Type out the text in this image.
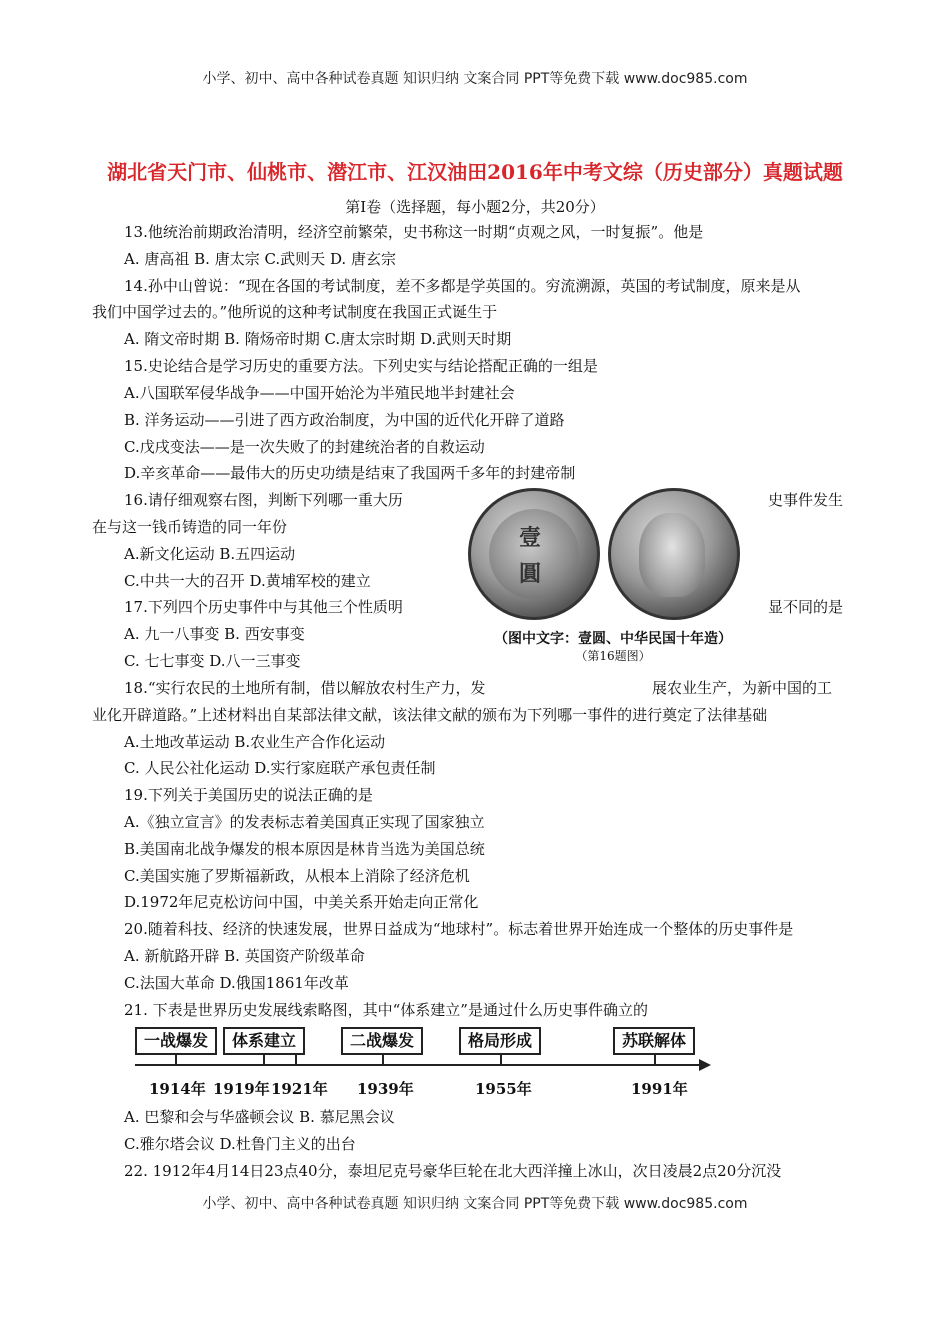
小学、初中、高中各种试卷真题 知识归纳 文案合同 PPT等免费下载 www.doc985.com
湖北省天门市、仙桃市、潜江市、江汉油田2016年中考文综（历史部分）真题试题
第Ⅰ卷（选择题，每小题2分，共20分）
13.他统治前期政治清明，经济空前繁荣，史书称这一时期“贞观之风，一时复振”。他是
A. 唐高祖 B. 唐太宗 C.武则天 D. 唐玄宗
14.孙中山曾说：“现在各国的考试制度，差不多都是学英国的。穷流溯源，英国的考试制度，原来是从
我们中国学过去的。”他所说的这种考试制度在我国正式诞生于
A. 隋文帝时期 B. 隋炀帝时期 C.唐太宗时期 D.武则天时期
15.史论结合是学习历史的重要方法。下列史实与结论搭配正确的一组是
A.八国联军侵华战争——中国开始沦为半殖民地半封建社会
B. 洋务运动——引进了西方政治制度，为中国的近代化开辟了道路
C.戊戌变法——是一次失败了的封建统治者的自救运动
D.辛亥革命——最伟大的历史功绩是结束了我国两千多年的封建帝制
16.请仔细观察右图，判断下列哪一重大历	史事件发生
在与这一钱币铸造的同一年份
A.新文化运动 B.五四运动
C.中共一大的召开 D.黄埔军校的建立
17.下列四个历史事件中与其他三个性质明	显不同的是
A. 九一八事变 B. 西安事变
C. 七七事变 D.八一三事变
18.“实行农民的土地所有制，借以解放农村生产力，发	展农业生产，为新中国的工
业化开辟道路。”上述材料出自某部法律文献，该法律文献的颁布为下列哪一事件的进行奠定了法律基础
A.土地改革运动 B.农业生产合作化运动
C. 人民公社化运动 D.实行家庭联产承包责任制
19.下列关于美国历史的说法正确的是
A.《独立宣言》的发表标志着美国真正实现了国家独立
B.美国南北战争爆发的根本原因是林肯当选为美国总统
C.美国实施了罗斯福新政，从根本上消除了经济危机
D.1972年尼克松访问中国，中美关系开始走向正常化
20.随着科技、经济的快速发展，世界日益成为“地球村”。标志着世界开始连成一个整体的历史事件是
A. 新航路开辟 B. 英国资产阶级革命
C.法国大革命 D.俄国1861年改革
21. 下表是世界历史发展线索略图，其中“体系建立”是通过什么历史事件确立的
壹
圓
（图中文字：壹圆、中华民国十年造）
（第16题图）
一战爆发	体系建立	二战爆发	格局形成	苏联解体
1914年 1919年 1921年 1939年	1955年	1991年
A. 巴黎和会与华盛顿会议 B. 慕尼黑会议
C.雅尔塔会议 D.杜鲁门主义的出台
22. 1912年4月14日23点40分，泰坦尼克号豪华巨轮在北大西洋撞上冰山，次日凌晨2点20分沉没
小学、初中、高中各种试卷真题 知识归纳 文案合同 PPT等免费下载 www.doc985.com
